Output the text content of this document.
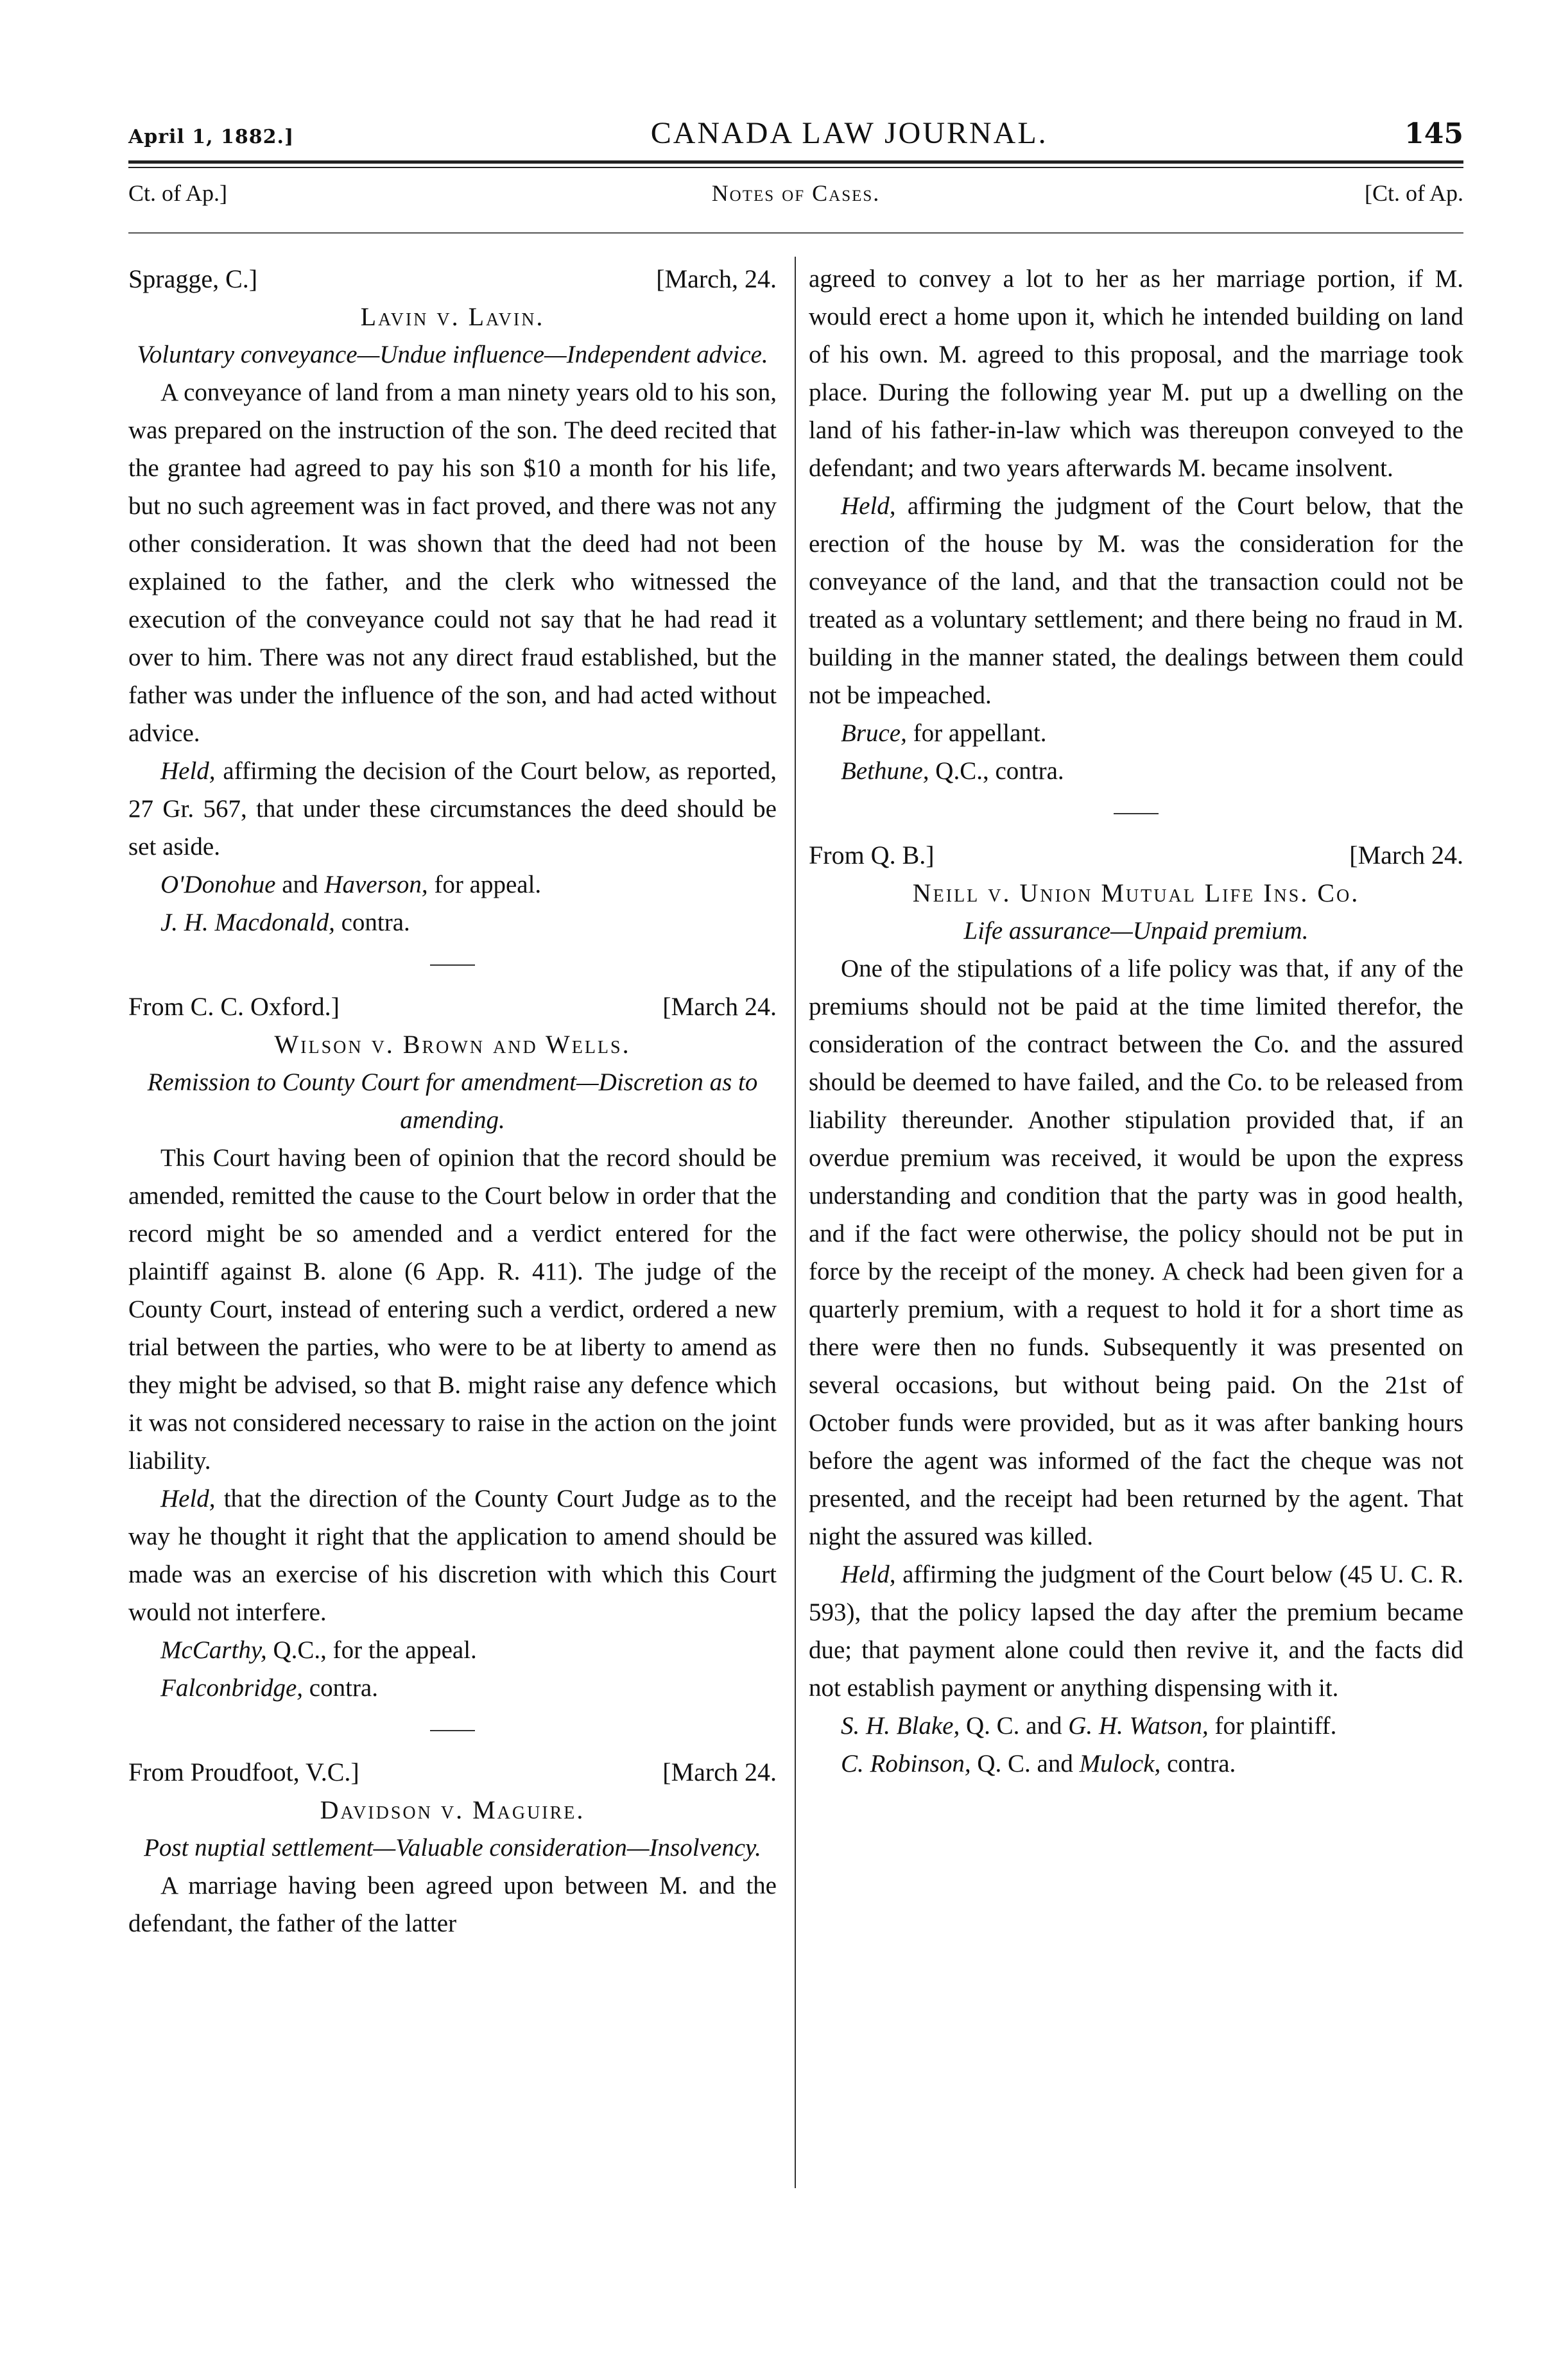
April 1, 1882.]	CANADA LAW JOURNAL.	145
Ct. of Ap.]	Notes of Cases.	[Ct. of Ap.
Spragge, C.]	[March, 24.
Lavin v. Lavin.
Voluntary conveyance—Undue influence—Independent advice.

A conveyance of land from a man ninety years old to his son, was prepared on the instruction of the son. The deed recited that the grantee had agreed to pay his son $10 a month for his life, but no such agreement was in fact proved, and there was not any other consideration. It was shown that the deed had not been explained to the father, and the clerk who witnessed the execution of the conveyance could not say that he had read it over to him. There was not any direct fraud established, but the father was under the influence of the son, and had acted without advice.

Held, affirming the decision of the Court below, as reported, 27 Gr. 567, that under these circumstances the deed should be set aside.

O'Donohue and Haverson, for appeal.
J. H. Macdonald, contra.
From C. C. Oxford.]	[March 24.
Wilson v. Brown and Wells.
Remission to County Court for amendment—Discretion as to amending.

This Court having been of opinion that the record should be amended, remitted the cause to the Court below in order that the record might be so amended and a verdict entered for the plaintiff against B. alone (6 App. R. 411). The judge of the County Court, instead of entering such a verdict, ordered a new trial between the parties, who were to be at liberty to amend as they might be advised, so that B. might raise any defence which it was not considered necessary to raise in the action on the joint liability.

Held, that the direction of the County Court Judge as to the way he thought it right that the application to amend should be made was an exercise of his discretion with which this Court would not interfere.

McCarthy, Q.C., for the appeal.
Falconbridge, contra.
From Proudfoot, V.C.]	[March 24.
Davidson v. Maguire.
Post nuptial settlement—Valuable consideration—Insolvency.

A marriage having been agreed upon between M. and the defendant, the father of the latter

agreed to convey a lot to her as her marriage portion, if M. would erect a home upon it, which he intended building on land of his own. M. agreed to this proposal, and the marriage took place. During the following year M. put up a dwelling on the land of his father-in-law which was thereupon conveyed to the defendant; and two years afterwards M. became insolvent.

Held, affirming the judgment of the Court below, that the erection of the house by M. was the consideration for the conveyance of the land, and that the transaction could not be treated as a voluntary settlement; and there being no fraud in M. building in the manner stated, the dealings between them could not be impeached.

Bruce, for appellant.
Bethune, Q.C., contra.
From Q. B.]	[March 24.
Neill v. Union Mutual Life Ins. Co.
Life assurance—Unpaid premium.

One of the stipulations of a life policy was that, if any of the premiums should not be paid at the time limited therefor, the consideration of the contract between the Co. and the assured should be deemed to have failed, and the Co. to be released from liability thereunder. Another stipulation provided that, if an overdue premium was received, it would be upon the express understanding and condition that the party was in good health, and if the fact were otherwise, the policy should not be put in force by the receipt of the money. A check had been given for a quarterly premium, with a request to hold it for a short time as there were then no funds. Subsequently it was presented on several occasions, but without being paid. On the 21st of October funds were provided, but as it was after banking hours before the agent was informed of the fact the cheque was not presented, and the receipt had been returned by the agent. That night the assured was killed.

Held, affirming the judgment of the Court below (45 U. C. R. 593), that the policy lapsed the day after the premium became due; that payment alone could then revive it, and the facts did not establish payment or anything dispensing with it.

S. H. Blake, Q. C. and G. H. Watson, for plaintiff.
C. Robinson, Q. C. and Mulock, contra.
